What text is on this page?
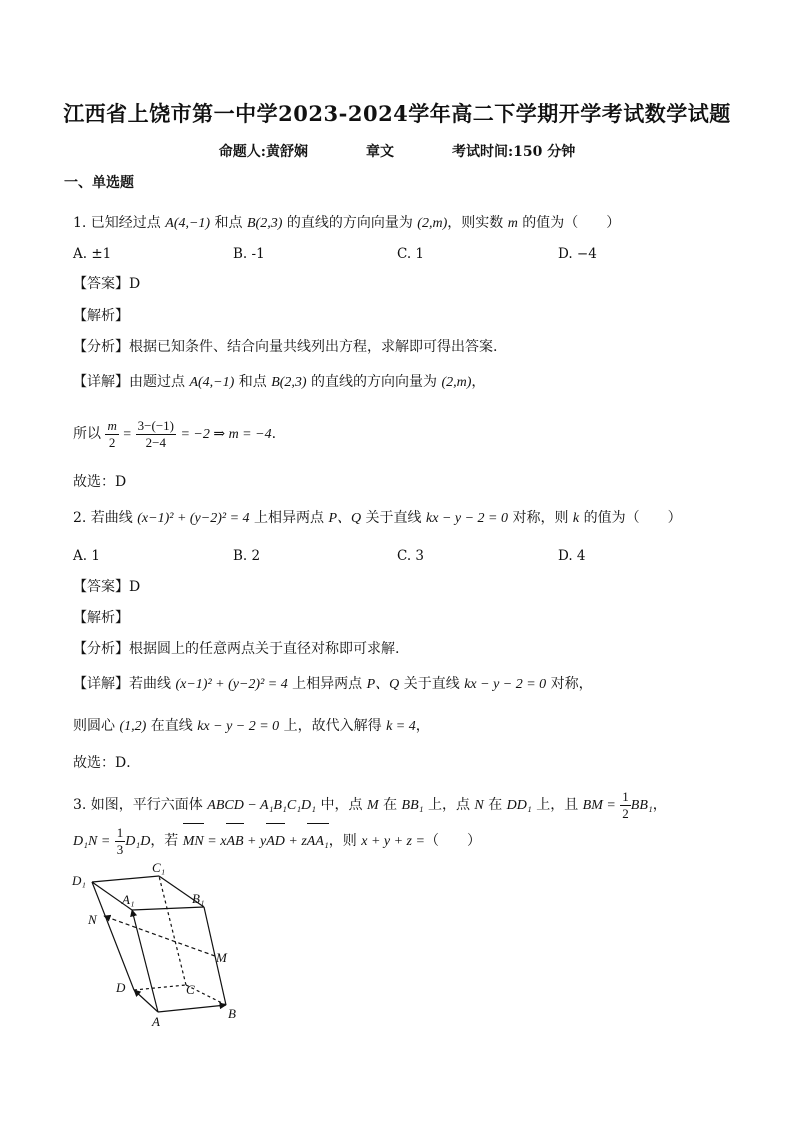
江西省上饶市第一中学2023-2024学年高二下学期开学考试数学试题
命题人:黄舒娴	章文	考试时间:150 分钟
一、单选题
1. 已知经过点 A(4,−1) 和点 B(2,3) 的直线的方向向量为 (2,m)，则实数 m 的值为（　　）
A. ±1	B. -1	C. 1	D. −4
【答案】D
【解析】
【分析】根据已知条件、结合向量共线列出方程，求解即可得出答案.
【详解】由题过点 A(4,−1) 和点 B(2,3) 的直线的方向向量为 (2,m)，
所以 $\frac{m}{2} = \frac{3-(-1)}{2-4} = -2$ ⇒ m = −4.
故选：D
2. 若曲线 (x−1)² + (y−2)² = 4 上相异两点 P、Q 关于直线 kx − y − 2 = 0 对称，则 k 的值为（　　）
A. 1	B. 2	C. 3	D. 4
【答案】D
【解析】
【分析】根据圆上的任意两点关于直径对称即可求解.
【详解】若曲线 (x−1)² + (y−2)² = 4 上相异两点 P、Q 关于直线 kx − y − 2 = 0 对称，
则圆心 (1,2) 在直线 kx − y − 2 = 0 上，故代入解得 k = 4，
故选：D．
3. 如图，平行六面体 ABCD − A₁B₁C₁D₁ 中，点 M 在 BB₁ 上，点 N 在 DD₁ 上，且 BM = $\frac{1}{2} BB_1$，
$D_1N = \frac{1}{3} D_1D$，若 MN = xAB + yAD + zAA₁，则 x + y + z =（　　）
D₁
C₁
A₁	B₁
N
M
D	C
A
B
